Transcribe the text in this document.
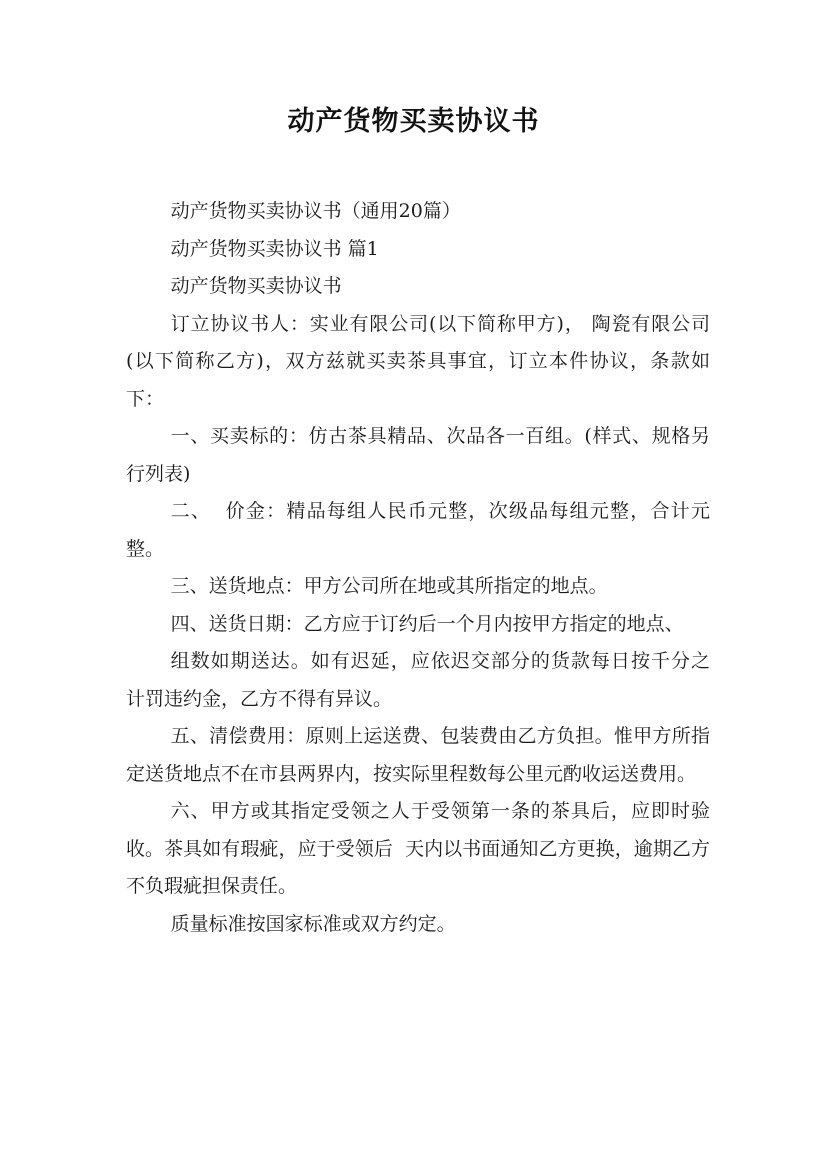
动产货物买卖协议书

动产货物买卖协议书（通用20篇）

动产货物买卖协议书 篇1

动产货物买卖协议书

订立协议书人：实业有限公司(以下简称甲方)， 陶瓷有限公司(以下简称乙方)，双方兹就买卖茶具事宜，订立本件协议，条款如下：

一、买卖标的：仿古茶具精品、次品各一百组。(样式、规格另行列表)

二、  价金：精品每组人民币元整，次级品每组元整，合计元整。

三、送货地点：甲方公司所在地或其所指定的地点。

四、送货日期：乙方应于订约后一个月内按甲方指定的地点、

组数如期送达。如有迟延，应依迟交部分的货款每日按千分之  计罚违约金，乙方不得有异议。

五、清偿费用：原则上运送费、包装费由乙方负担。惟甲方所指定送货地点不在市县两界内，按实际里程数每公里元酌收运送费用。

六、甲方或其指定受领之人于受领第一条的茶具后，应即时验收。茶具如有瑕疵，应于受领后  天内以书面通知乙方更换，逾期乙方不负瑕疵担保责任。

质量标准按国家标准或双方约定。
